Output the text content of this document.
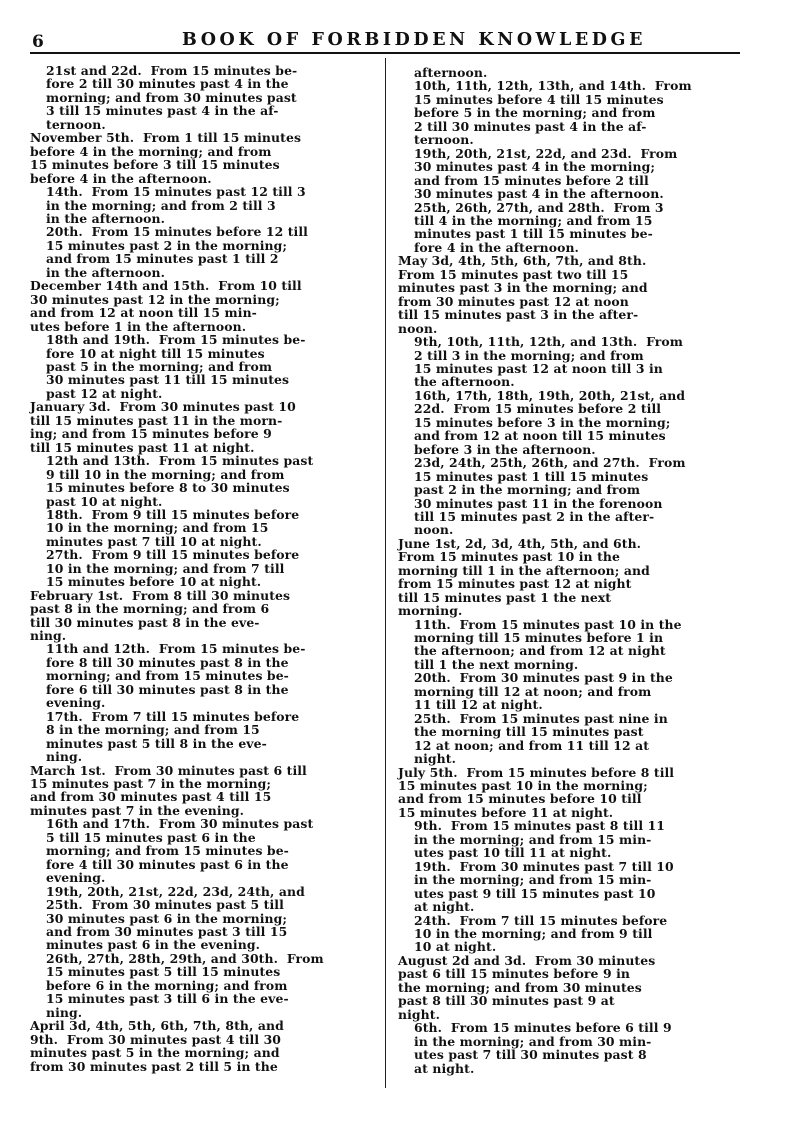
6	BOOK OF FORBIDDEN KNOWLEDGE
21st and 22d.  From 15 minutes be-
fore 2 till 30 minutes past 4 in the
morning; and from 30 minutes past
3 till 15 minutes past 4 in the af-
ternoon.
November 5th.  From 1 till 15 minutes
before 4 in the morning; and from
15 minutes before 3 till 15 minutes
before 4 in the afternoon.
14th.  From 15 minutes past 12 till 3
in the morning; and from 2 till 3
in the afternoon.
20th.  From 15 minutes before 12 till
15 minutes past 2 in the morning;
and from 15 minutes past 1 till 2
in the afternoon.
December 14th and 15th.  From 10 till
30 minutes past 12 in the morning;
and from 12 at noon till 15 min-
utes before 1 in the afternoon.
18th and 19th.  From 15 minutes be-
fore 10 at night till 15 minutes
past 5 in the morning; and from
30 minutes past 11 till 15 minutes
past 12 at night.
January 3d.  From 30 minutes past 10
till 15 minutes past 11 in the morn-
ing; and from 15 minutes before 9
till 15 minutes past 11 at night.
12th and 13th.  From 15 minutes past
9 till 10 in the morning; and from
15 minutes before 8 to 30 minutes
past 10 at night.
18th.  From 9 till 15 minutes before
10 in the morning; and from 15
minutes past 7 till 10 at night.
27th.  From 9 till 15 minutes before
10 in the morning; and from 7 till
15 minutes before 10 at night.
February 1st.  From 8 till 30 minutes
past 8 in the morning; and from 6
till 30 minutes past 8 in the eve-
ning.
11th and 12th.  From 15 minutes be-
fore 8 till 30 minutes past 8 in the
morning; and from 15 minutes be-
fore 6 till 30 minutes past 8 in the
evening.
17th.  From 7 till 15 minutes before
8 in the morning; and from 15
minutes past 5 till 8 in the eve-
ning.
March 1st.  From 30 minutes past 6 till
15 minutes past 7 in the morning;
and from 30 minutes past 4 till 15
minutes past 7 in the evening.
16th and 17th.  From 30 minutes past
5 till 15 minutes past 6 in the
morning; and from 15 minutes be-
fore 4 till 30 minutes past 6 in the
evening.
19th, 20th, 21st, 22d, 23d, 24th, and
25th.  From 30 minutes past 5 till
30 minutes past 6 in the morning;
and from 30 minutes past 3 till 15
minutes past 6 in the evening.
26th, 27th, 28th, 29th, and 30th.  From
15 minutes past 5 till 15 minutes
before 6 in the morning; and from
15 minutes past 3 till 6 in the eve-
ning.
April 3d, 4th, 5th, 6th, 7th, 8th, and
9th.  From 30 minutes past 4 till 30
minutes past 5 in the morning; and
from 30 minutes past 2 till 5 in the
afternoon.
10th, 11th, 12th, 13th, and 14th.  From
15 minutes before 4 till 15 minutes
before 5 in the morning; and from
2 till 30 minutes past 4 in the af-
ternoon.
19th, 20th, 21st, 22d, and 23d.  From
30 minutes past 4 in the morning;
and from 15 minutes before 2 till
30 minutes past 4 in the afternoon.
25th, 26th, 27th, and 28th.  From 3
till 4 in the morning; and from 15
minutes past 1 till 15 minutes be-
fore 4 in the afternoon.
May 3d, 4th, 5th, 6th, 7th, and 8th.
From 15 minutes past two till 15
minutes past 3 in the morning; and
from 30 minutes past 12 at noon
till 15 minutes past 3 in the after-
noon.
9th, 10th, 11th, 12th, and 13th.  From
2 till 3 in the morning; and from
15 minutes past 12 at noon till 3 in
the afternoon.
16th, 17th, 18th, 19th, 20th, 21st, and
22d.  From 15 minutes before 2 till
15 minutes before 3 in the morning;
and from 12 at noon till 15 minutes
before 3 in the afternoon.
23d, 24th, 25th, 26th, and 27th.  From
15 minutes past 1 till 15 minutes
past 2 in the morning; and from
30 minutes past 11 in the forenoon
till 15 minutes past 2 in the after-
noon.
June 1st, 2d, 3d, 4th, 5th, and 6th.
From 15 minutes past 10 in the
morning till 1 in the afternoon; and
from 15 minutes past 12 at night
till 15 minutes past 1 the next
morning.
11th.  From 15 minutes past 10 in the
morning till 15 minutes before 1 in
the afternoon; and from 12 at night
till 1 the next morning.
20th.  From 30 minutes past 9 in the
morning till 12 at noon; and from
11 till 12 at night.
25th.  From 15 minutes past nine in
the morning till 15 minutes past
12 at noon; and from 11 till 12 at
night.
July 5th.  From 15 minutes before 8 till
15 minutes past 10 in the morning;
and from 15 minutes before 10 till
15 minutes before 11 at night.
9th.  From 15 minutes past 8 till 11
in the morning; and from 15 min-
utes past 10 till 11 at night.
19th.  From 30 minutes past 7 till 10
in the morning; and from 15 min-
utes past 9 till 15 minutes past 10
at night.
24th.  From 7 till 15 minutes before
10 in the morning; and from 9 till
10 at night.
August 2d and 3d.  From 30 minutes
past 6 till 15 minutes before 9 in
the morning; and from 30 minutes
past 8 till 30 minutes past 9 at
night.
6th.  From 15 minutes before 6 till 9
in the morning; and from 30 min-
utes past 7 till 30 minutes past 8
at night.
